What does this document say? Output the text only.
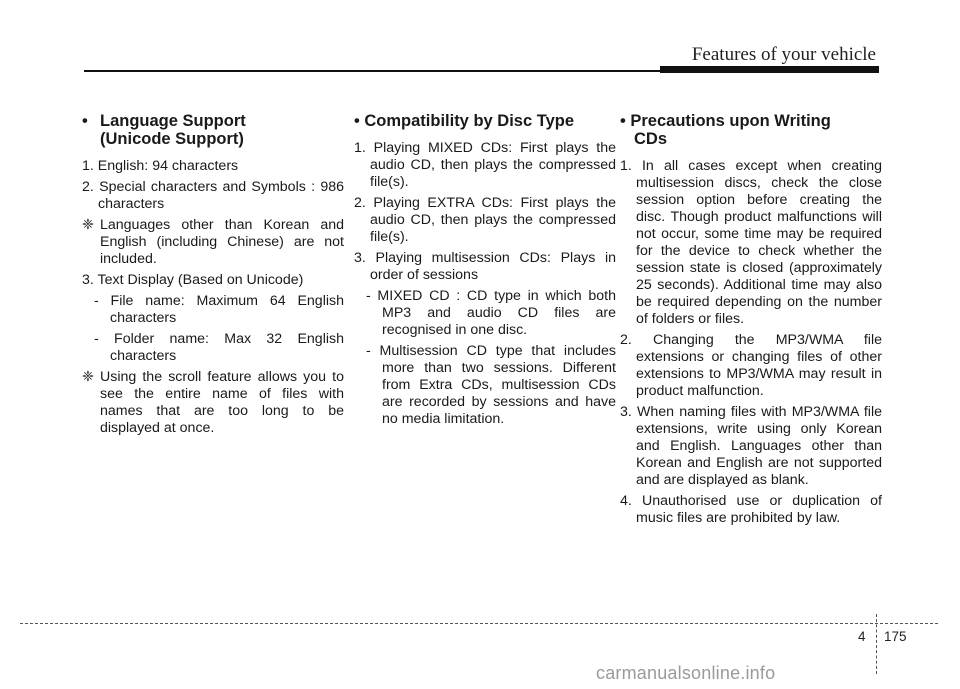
Features of your vehicle
• Language Support
(Unicode Support)

1. English: 94 characters

2. Special characters and Symbols : 986 characters

❈ Languages other than Korean and English (including Chinese) are not included.

3. Text Display (Based on Unicode)

- File name: Maximum 64 English characters

- Folder name: Max 32 English characters

❈ Using the scroll feature allows you to see the entire name of files with names that are too long to be displayed at once.

• Compatibility by Disc Type

1. Playing MIXED CDs: First plays the audio CD, then plays the compressed file(s).

2. Playing EXTRA CDs: First plays the audio CD, then plays the compressed file(s).

3. Playing multisession CDs: Plays in order of sessions

- MIXED CD : CD type in which both MP3 and audio CD files are recognised in one disc.

- Multisession CD type that includes more than two sessions. Different from Extra CDs, multisession CDs are recorded by sessions and have no media limitation.

• Precautions upon Writing
CDs

1. In all cases except when creating multisession discs, check the close session option before creating the disc. Though product malfunctions will not occur, some time may be required for the device to check whether the session state is closed (approximately 25 seconds). Additional time may also be required depending on the number of folders or files.

2. Changing the MP3/WMA file extensions or changing files of other extensions to MP3/WMA may result in product malfunction.

3. When naming files with MP3/WMA file extensions, write using only Korean and English. Languages other than Korean and English are not supported and are displayed as blank.

4. Unauthorised use or duplication of music files are prohibited by law.

4 175
carmanualsonline.info
